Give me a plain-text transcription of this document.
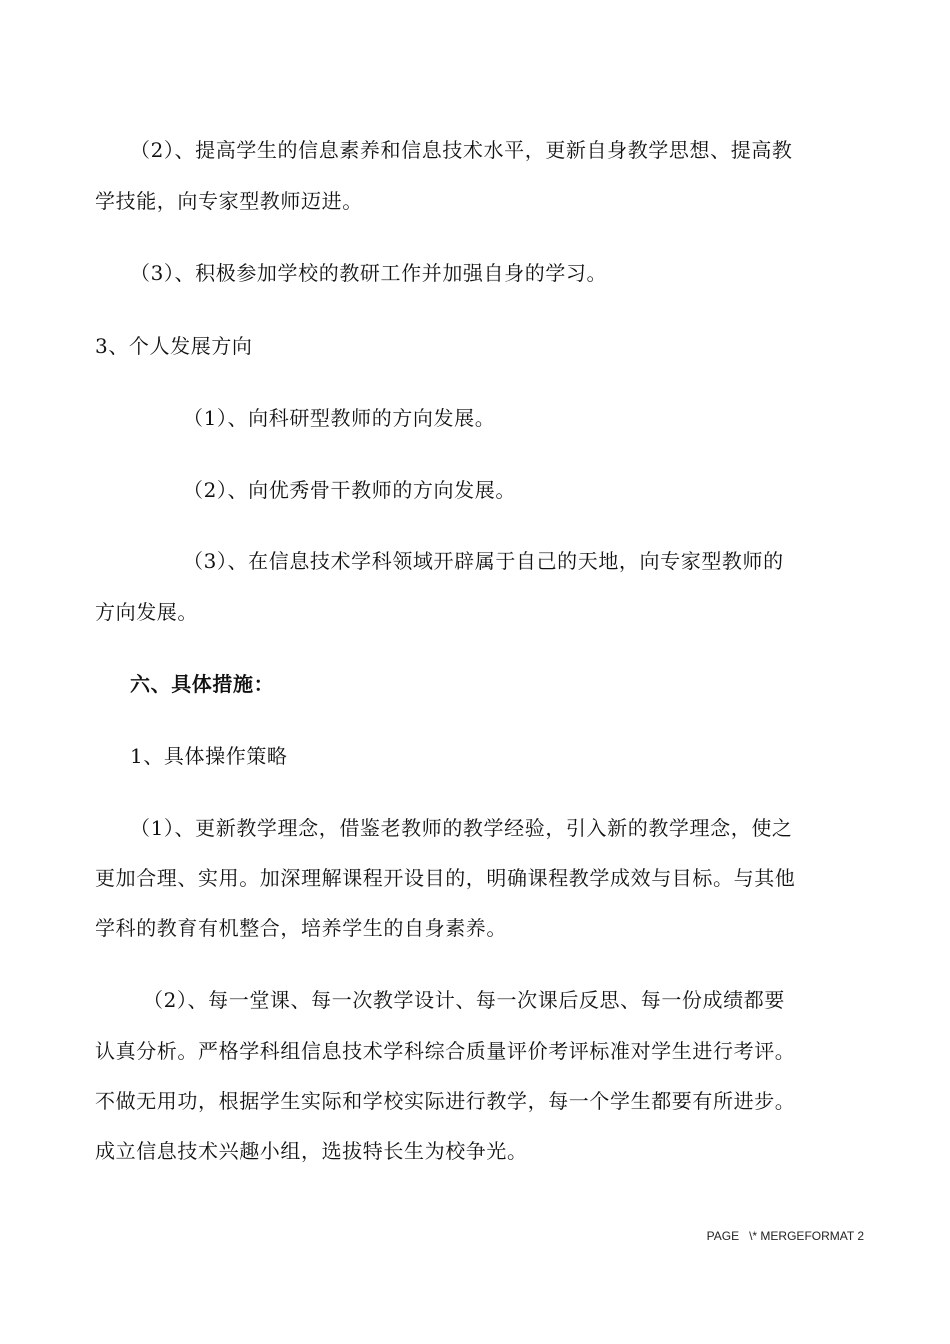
（2）、提高学生的信息素养和信息技术水平，更新自身教学思想、提高教
学技能，向专家型教师迈进。
（3）、积极参加学校的教研工作并加强自身的学习。
3、个人发展方向
（1）、向科研型教师的方向发展。
（2）、向优秀骨干教师的方向发展。
（3）、在信息技术学科领域开辟属于自己的天地，向专家型教师的
方向发展。
六、具体措施：
1、具体操作策略
（1）、更新教学理念，借鉴老教师的教学经验，引入新的教学理念，使之
更加合理、实用。加深理解课程开设目的，明确课程教学成效与目标。与其他
学科的教育有机整合，培养学生的自身素养。
（2）、每一堂课、每一次教学设计、每一次课后反思、每一份成绩都要
认真分析。严格学科组信息技术学科综合质量评价考评标准对学生进行考评。
不做无用功，根据学生实际和学校实际进行教学，每一个学生都要有所进步。
成立信息技术兴趣小组，选拔特长生为校争光。
PAGE   \* MERGEFORMAT 2
